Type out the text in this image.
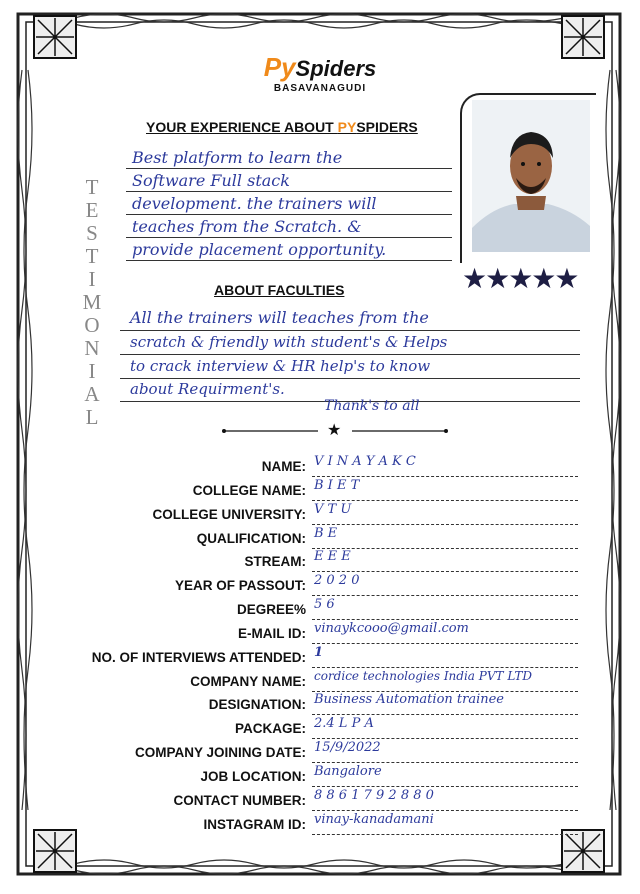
PySpiders
BASAVANAGUDI
YOUR EXPERIENCE ABOUT PYSPIDERS
T
E
S
T
I
M
O
N
I
A
L
Best platform to learn the
Software Full stack
development. the trainers will
teaches from the Scratch. &
provide placement opportunity.
★★★★★
ABOUT FACULTIES
All the trainers will teaches from the
scratch & friendly with student's & Helps
to crack interview & HR help's to know
about Requirment's.
Thank's to all
★
NAME: V I N A Y A K C
COLLEGE NAME: B I E T
COLLEGE UNIVERSITY: V T U
QUALIFICATION: B E
STREAM: E E E
YEAR OF PASSOUT: 2 0 2 0
DEGREE% 5 6
E-MAIL ID: vinaykcooo@gmail.com
NO. OF INTERVIEWS ATTENDED: 1
COMPANY NAME: cordice technologies India PVT LTD
DESIGNATION: Business Automation trainee
PACKAGE: 2.4 L P A
COMPANY JOINING DATE: 15/9/2022
JOB LOCATION: Bangalore
CONTACT NUMBER: 8 8 6 1 7 9 2 8 8 0
INSTAGRAM ID: vinay-kanadamani
